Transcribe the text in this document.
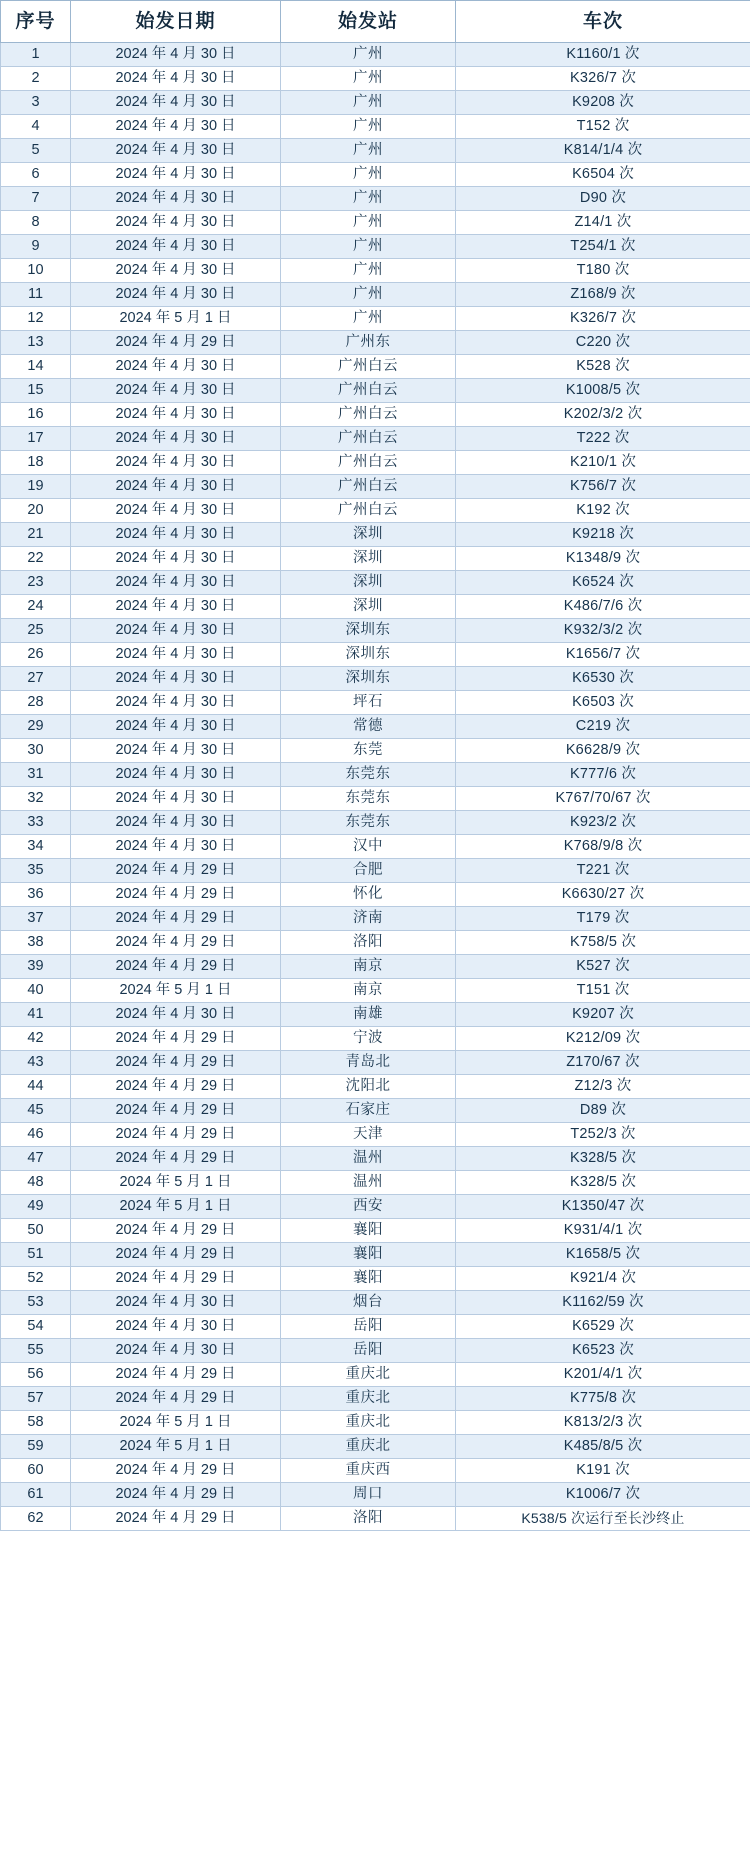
序号	始发日期	始发站	车次
1	2024 年 4 月 30 日	广州	K1160/1 次
2	2024 年 4 月 30 日	广州	K326/7 次
3	2024 年 4 月 30 日	广州	K9208 次
4	2024 年 4 月 30 日	广州	T152 次
5	2024 年 4 月 30 日	广州	K814/1/4 次
6	2024 年 4 月 30 日	广州	K6504 次
7	2024 年 4 月 30 日	广州	D90 次
8	2024 年 4 月 30 日	广州	Z14/1 次
9	2024 年 4 月 30 日	广州	T254/1 次
10	2024 年 4 月 30 日	广州	T180 次
11	2024 年 4 月 30 日	广州	Z168/9 次
12	2024 年 5 月 1 日	广州	K326/7 次
13	2024 年 4 月 29 日	广州东	C220 次
14	2024 年 4 月 30 日	广州白云	K528 次
15	2024 年 4 月 30 日	广州白云	K1008/5 次
16	2024 年 4 月 30 日	广州白云	K202/3/2 次
17	2024 年 4 月 30 日	广州白云	T222 次
18	2024 年 4 月 30 日	广州白云	K210/1 次
19	2024 年 4 月 30 日	广州白云	K756/7 次
20	2024 年 4 月 30 日	广州白云	K192 次
21	2024 年 4 月 30 日	深圳	K9218 次
22	2024 年 4 月 30 日	深圳	K1348/9 次
23	2024 年 4 月 30 日	深圳	K6524 次
24	2024 年 4 月 30 日	深圳	K486/7/6 次
25	2024 年 4 月 30 日	深圳东	K932/3/2 次
26	2024 年 4 月 30 日	深圳东	K1656/7 次
27	2024 年 4 月 30 日	深圳东	K6530 次
28	2024 年 4 月 30 日	坪石	K6503 次
29	2024 年 4 月 30 日	常德	C219 次
30	2024 年 4 月 30 日	东莞	K6628/9 次
31	2024 年 4 月 30 日	东莞东	K777/6 次
32	2024 年 4 月 30 日	东莞东	K767/70/67 次
33	2024 年 4 月 30 日	东莞东	K923/2 次
34	2024 年 4 月 30 日	汉中	K768/9/8 次
35	2024 年 4 月 29 日	合肥	T221 次
36	2024 年 4 月 29 日	怀化	K6630/27 次
37	2024 年 4 月 29 日	济南	T179 次
38	2024 年 4 月 29 日	洛阳	K758/5 次
39	2024 年 4 月 29 日	南京	K527 次
40	2024 年 5 月 1 日	南京	T151 次
41	2024 年 4 月 30 日	南雄	K9207 次
42	2024 年 4 月 29 日	宁波	K212/09 次
43	2024 年 4 月 29 日	青岛北	Z170/67 次
44	2024 年 4 月 29 日	沈阳北	Z12/3 次
45	2024 年 4 月 29 日	石家庄	D89 次
46	2024 年 4 月 29 日	天津	T252/3 次
47	2024 年 4 月 29 日	温州	K328/5 次
48	2024 年 5 月 1 日	温州	K328/5 次
49	2024 年 5 月 1 日	西安	K1350/47 次
50	2024 年 4 月 29 日	襄阳	K931/4/1 次
51	2024 年 4 月 29 日	襄阳	K1658/5 次
52	2024 年 4 月 29 日	襄阳	K921/4 次
53	2024 年 4 月 30 日	烟台	K1162/59 次
54	2024 年 4 月 30 日	岳阳	K6529 次
55	2024 年 4 月 30 日	岳阳	K6523 次
56	2024 年 4 月 29 日	重庆北	K201/4/1 次
57	2024 年 4 月 29 日	重庆北	K775/8 次
58	2024 年 5 月 1 日	重庆北	K813/2/3 次
59	2024 年 5 月 1 日	重庆北	K485/8/5 次
60	2024 年 4 月 29 日	重庆西	K191 次
61	2024 年 4 月 29 日	周口	K1006/7 次
62	2024 年 4 月 29 日	洛阳	K538/5 次运行至长沙终止
